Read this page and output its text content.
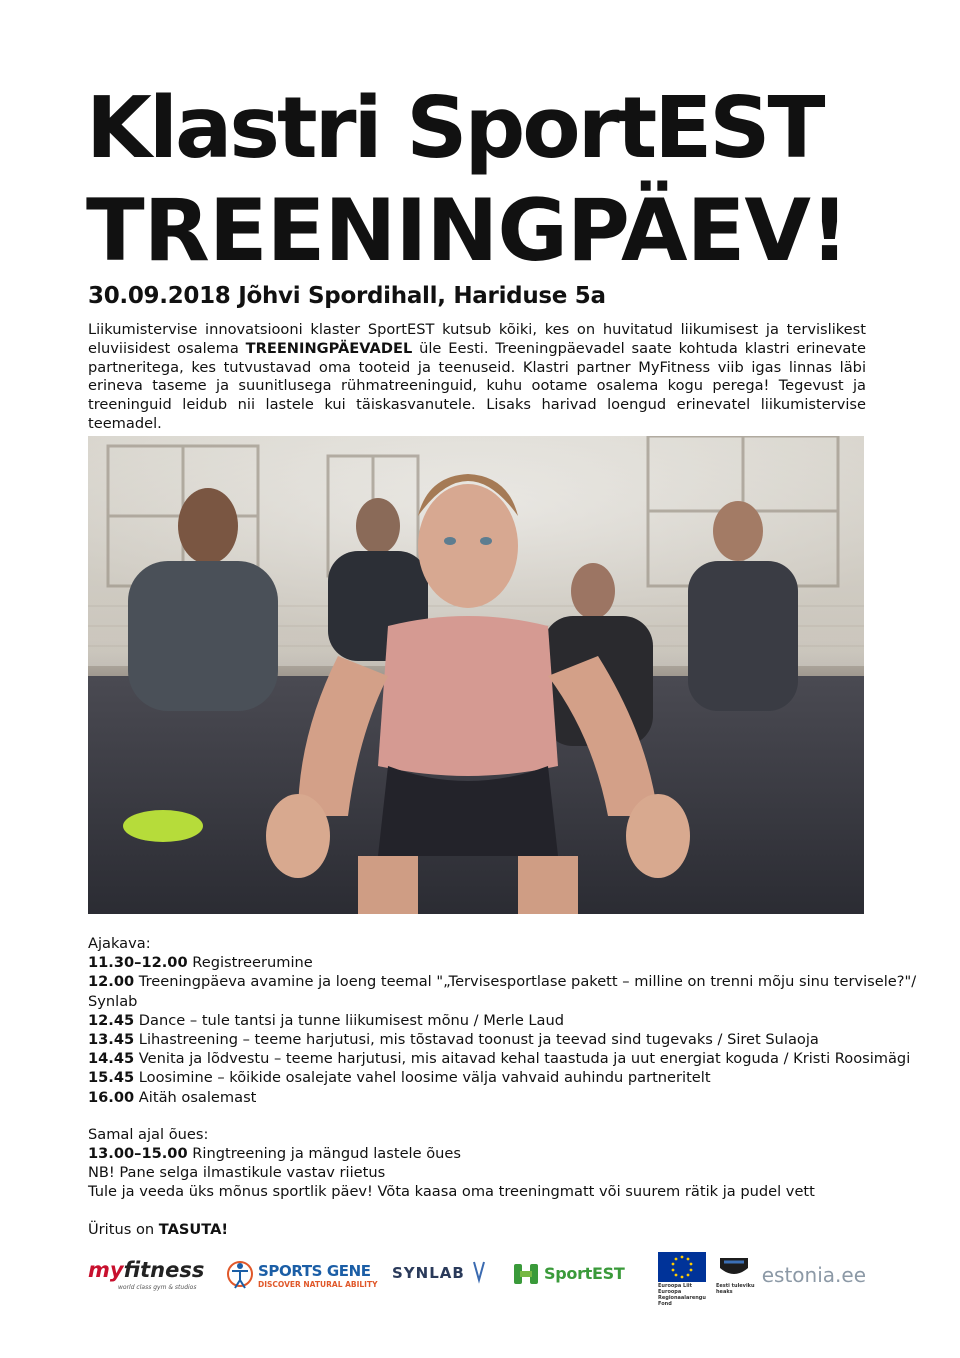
Klastri SportEST
TREENINGPÄEV!
30.09.2018 Jõhvi Spordihall, Hariduse 5a

Liikumistervise innovatsiooni klaster SportEST kutsub kõiki, kes on huvitatud liikumisest ja tervislikest eluviisidest osalema TREENINGPÄEVADEL üle Eesti. Treeningpäevadel saate kohtuda klastri erinevate partneritega, kes tutvustavad oma tooteid ja teenuseid. Klastri partner MyFitness viib igas linnas läbi erineva taseme ja suunitlusega rühmatreeninguid, kuhu ootame osalema kogu perega! Tegevust ja treeninguid leidub nii lastele kui täiskasvanutele. Lisaks harivad loengud erinevatel liikumistervise teemadel.

Ajakava:
11.30–12.00 Registreerumine
12.00 Treeningpäeva avamine ja loeng teemal "„Tervisesportlase pakett – milline on trenni mõju sinu tervisele?"/
Synlab
12.45 Dance – tule tantsi ja tunne liikumisest mõnu / Merle Laud
13.45 Lihastreening – teeme harjutusi, mis tõstavad toonust ja teevad sind tugevaks / Siret Sulaoja
14.45 Venita ja lõdvestu – teeme harjutusi, mis aitavad kehal taastuda ja uut energiat koguda / Kristi Roosimägi
15.45 Loosimine – kõikide osalejate vahel loosime välja vahvaid auhindu partneritelt
16.00 Aitäh osalemast
Samal ajal õues:
13.00–15.00 Ringtreening ja mängud lastele õues
NB! Pane selga ilmastikule vastav riietus
Tule ja veeda üks mõnus sportlik päev! Võta kaasa oma treeningmatt või suurem rätik ja pudel vett
Üritus on TASUTA!
myfitness
world class gym & studios
SPORTS GENE
DISCOVER NATURAL ABILITY
SYNLAB	SportEST
Euroopa Liit Euroopa Regionaalarengu Fond
Eesti tuleviku heaks
estonia.ee
